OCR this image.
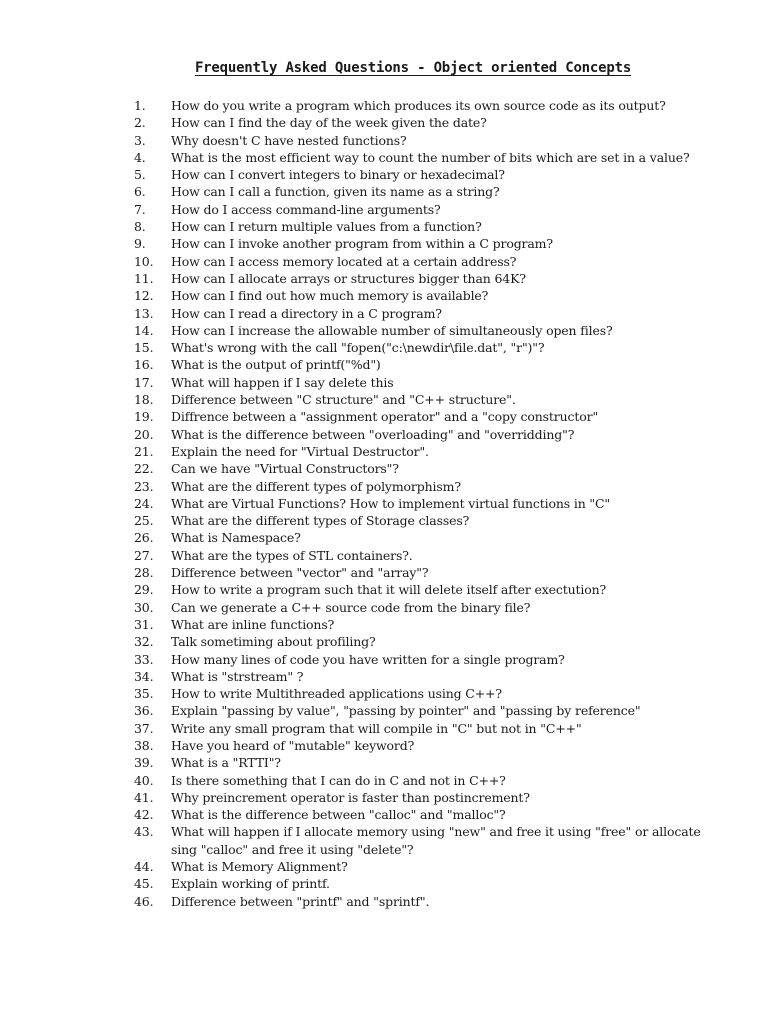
Frequently Asked Questions - Object oriented Concepts
1.	How do you write a program which produces its own source code as its output?
2.	How can I find the day of the week given the date?
3.	Why doesn't C have nested functions?
4.	What is the most efficient way to count the number of bits which are set in a value?
5.	How can I convert integers to binary or hexadecimal?
6.	How can I call a function, given its name as a string?
7.	How do I access command-line arguments?
8.	How can I return multiple values from a function?
9.	How can I invoke another program from within a C program?
10.	How can I access memory located at a certain address?
11.	How can I allocate arrays or structures bigger than 64K?
12.	How can I find out how much memory is available?
13.	How can I read a directory in a C program?
14.	How can I increase the allowable number of simultaneously open files?
15.	What's wrong with the call "fopen("c:\newdir\file.dat", "r")"?
16.	What is the output of printf("%d")
17.	What will happen if I say delete this
18.	Difference between "C structure" and "C++ structure".
19.	Diffrence between a "assignment operator" and a "copy constructor"
20.	What is the difference between "overloading" and "overridding"?
21.	Explain the need for "Virtual Destructor".
22.	Can we have "Virtual Constructors"?
23.	What are the different types of polymorphism?
24.	What are Virtual Functions? How to implement virtual functions in "C"
25.	What are the different types of Storage classes?
26.	What is Namespace?
27.	What are the types of STL containers?.
28.	Difference between "vector" and "array"?
29.	How to write a program such that it will delete itself after exectution?
30.	Can we generate a C++ source code from the binary file?
31.	What are inline functions?
32.	Talk sometiming about profiling?
33.	How many lines of code you have written for a single program?
34.	What is "strstream" ?
35.	How to write Multithreaded applications using C++?
36.	Explain "passing by value", "passing by pointer" and "passing by reference"
37.	Write any small program that will compile in "C" but not in "C++"
38.	Have you heard of "mutable" keyword?
39.	What is a "RTTI"?
40.	Is there something that I can do in C and not in C++?
41.	Why preincrement operator is faster than postincrement?
42.	What is the difference between "calloc" and "malloc"?
43.	What will happen if I allocate memory using "new" and free it using "free" or allocate
sing "calloc" and free it using "delete"?
44.	What is Memory Alignment?
45.	Explain working of printf.
46.	Difference between "printf" and "sprintf".
